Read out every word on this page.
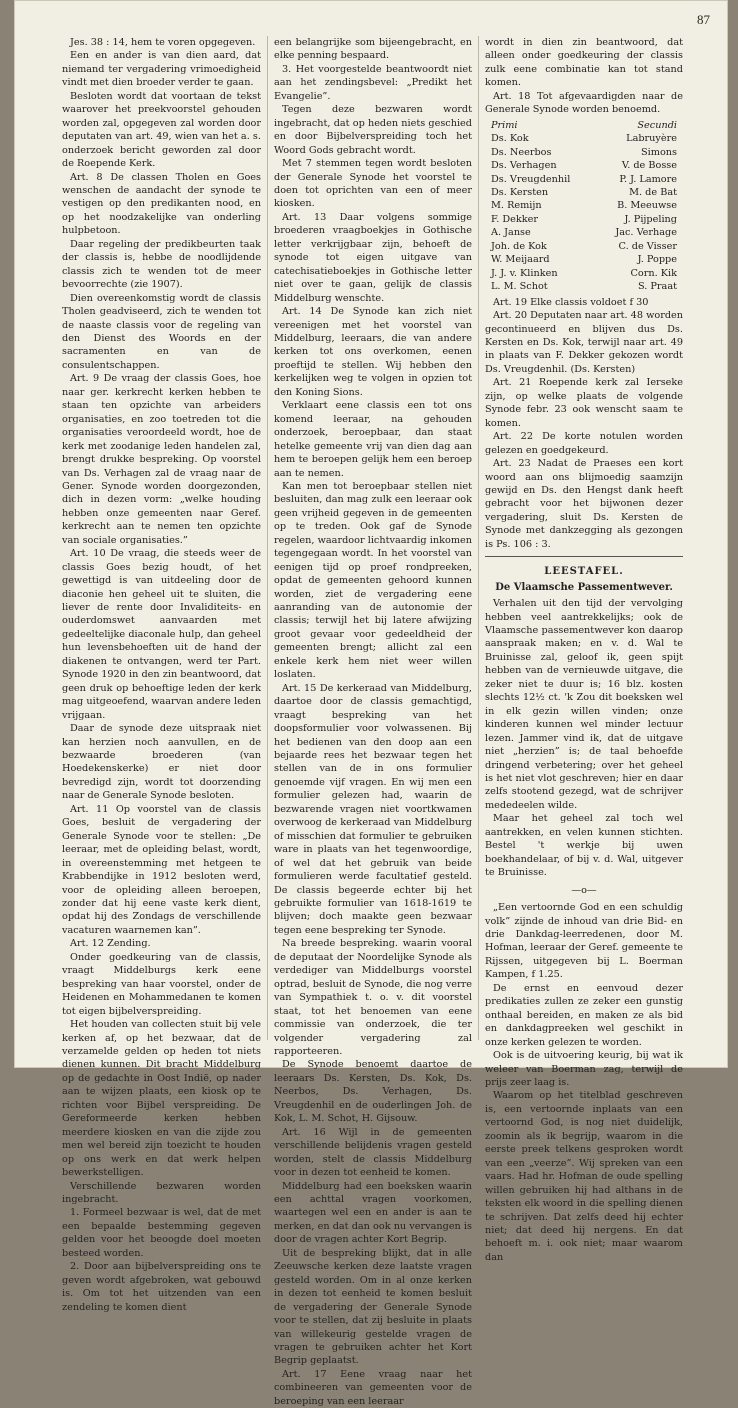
87

Jes. 38 : 14, hem te voren opgegeven.

Een en ander is van dien aard, dat niemand ter vergadering vrimoedigheid vindt met dien broeder verder te gaan.

Besloten wordt dat voortaan de tekst waarover het preekvoorstel gehouden worden zal, opgegeven zal worden door deputaten van art. 49, wien van het a. s. onderzoek bericht geworden zal door de Roepende Kerk.

Art. 8 De classen Tholen en Goes wenschen de aandacht der synode te vestigen op den predikanten nood, en op het noodzakelijke van onderling hulpbetoon.

Daar regeling der predikbeurten taak der classis is, hebbe de noodlijdende classis zich te wenden tot de meer bevoorrechte (zie 1907).

Dien overeenkomstig wordt de classis Tholen geadviseerd, zich te wenden tot de naaste classis voor de regeling van den Dienst des Woords en der sacramenten en van de consulentschappen.

Art. 9 De vraag der classis Goes, hoe naar ger. kerkrecht kerken hebben te staan ten opzichte van arbeiders organisaties, en zoo toetreden tot die organisaties veroordeeld wordt, hoe de kerk met zoodanige leden handelen zal, brengt drukke bespreking. Op voorstel van Ds. Verhagen zal de vraag naar de Gener. Synode worden doorgezonden, dich in dezen vorm: „welke houding hebben onze gemeenten naar Geref. kerkrecht aan te nemen ten opzichte van sociale organisaties.”

Art. 10 De vraag, die steeds weer de classis Goes bezig houdt, of het gewettigd is van uitdeeling door de diaconie hen geheel uit te sluiten, die liever de rente door Invaliditeits- en ouderdomswet aanvaarden met gedeeltelijke diaconale hulp, dan geheel hun levensbehoeften uit de hand der diakenen te ontvangen, werd ter Part. Synode 1920 in den zin beantwoord, dat geen druk op behoeftige leden der kerk mag uitgeoefend, waarvan andere leden vrijgaan.

Daar de synode deze uitspraak niet kan herzien noch aanvullen, en de bezwaarde broederen (van Hoedekenskerke) er niet door bevredigd zijn, wordt tot doorzending naar de Generale Synode besloten.

Art. 11 Op voorstel van de classis Goes, besluit de vergadering der Generale Synode voor te stellen: „De leeraar, met de opleiding belast, wordt, in overeenstemming met hetgeen te Krabbendijke in 1912 besloten werd, voor de opleiding alleen beroepen, zonder dat hij eene vaste kerk dient, opdat hij des Zondags de verschillende vacaturen waarnemen kan”.

Art. 12 Zending.

Onder goedkeuring van de classis, vraagt Middelburgs kerk eene bespreking van haar voorstel, onder de Heidenen en Mohammedanen te komen tot eigen bijbelverspreiding.

Het houden van collecten stuit bij vele kerken af, op het bezwaar, dat de verzamelde gelden op heden tot niets dienen kunnen. Dit bracht Middelburg op de gedachte in Oost Indië, op nader aan te wijzen plaats, een kiosk op te richten voor Bijbel verspreiding. De Gereformeerde kerken hebben meerdere kiosken en van die zijde zou men wel bereid zijn toezicht te houden op ons werk en dat werk helpen bewerkstelligen.

Verschillende bezwaren worden ingebracht.

1. Formeel bezwaar is wel, dat de met een bepaalde bestemming gegeven gelden voor het beoogde doel moeten besteed worden.

2. Door aan bijbelverspreiding ons te geven wordt afgebroken, wat gebouwd is. Om tot het uitzenden van een zendeling te komen dient

een belangrijke som bijeengebracht, en elke penning bespaard.

3. Het voorgestelde beantwoordt niet aan het zendingsbevel: „Predikt het Evangelie”.

Tegen deze bezwaren wordt ingebracht, dat op heden niets geschied en door Bijbelverspreiding toch het Woord Gods gebracht wordt.

Met 7 stemmen tegen wordt besloten der Generale Synode het voorstel te doen tot oprichten van een of meer kiosken.

Art. 13 Daar volgens sommige broederen vraagboekjes in Gothische letter verkrijgbaar zijn, behoeft de synode tot eigen uitgave van catechisatieboekjes in Gothische letter niet over te gaan, gelijk de classis Middelburg wenschte.

Art. 14 De Synode kan zich niet vereenigen met het voorstel van Middelburg, leeraars, die van andere kerken tot ons overkomen, eenen proeftijd te stellen. Wij hebben den kerkelijken weg te volgen in opzien tot den Koning Sions.

Verklaart eene classis een tot ons komend leeraar, na gehouden onderzoek, beroepbaar, dan staat hetelke gemeente vrij van dien dag aan hem te beroepen gelijk hem een beroep aan te nemen.

Kan men tot beroepbaar stellen niet besluiten, dan mag zulk een leeraar ook geen vrijheid gegeven in de gemeenten op te treden. Ook gaf de Synode regelen, waardoor lichtvaardig inkomen tegengegaan wordt. In het voorstel van eenigen tijd op proef rondpreeken, opdat de gemeenten gehoord kunnen worden, ziet de vergadering eene aanranding van de autonomie der classis; terwijl het bij latere afwijzing groot gevaar voor gedeeldheid der gemeenten brengt; allicht zal een enkele kerk hem niet weer willen loslaten.

Art. 15 De kerkeraad van Middelburg, daartoe door de classis gemachtigd, vraagt bespreking van het doopsformulier voor volwassenen. Bij het bedienen van den doop aan een bejaarde rees het bezwaar tegen het stellen van de in ons formulier genoemde vijf vragen. En wij men een formulier gelezen had, waarin de bezwarende vragen niet voortkwamen overwoog de kerkeraad van Middelburg of misschien dat formulier te gebruiken ware in plaats van het tegenwoordige, of wel dat het gebruik van beide formulieren werde facultatief gesteld. De classis begeerde echter bij het gebruikte formulier van 1618-1619 te blijven; doch maakte geen bezwaar tegen eene bespreking ter Synode.

Na breede bespreking. waarin vooral de deputaat der Noordelijke Synode als verdediger van Middelburgs voorstel optrad, besluit de Synode, die nog verre van Sympathiek t. o. v. dit voorstel staat, tot het benoemen van eene commissie van onderzoek, die ter volgender vergadering zal rapporteeren.

De Synode benoemt daartoe de leeraars Ds. Kersten, Ds. Kok, Ds. Neerbos, Ds. Verhagen, Ds. Vreugdenhil en de ouderlingen Joh. de Kok, L. M. Schot, H. Gijsouw.

Art. 16 Wijl in de gemeenten verschillende belijdenis vragen gesteld worden, stelt de classis Middelburg voor in dezen tot eenheid te komen.

Middelburg had een boeksken waarin een achttal vragen voorkomen, waartegen wel een en ander is aan te merken, en dat dan ook nu vervangen is door de vragen achter Kort Begrip.

Uit de bespreking blijkt, dat in alle Zeeuwsche kerken deze laatste vragen gesteld worden. Om in al onze kerken in dezen tot eenheid te komen besluit de vergadering der Generale Synode voor te stellen, dat zij besluite in plaats van willekeurig gestelde vragen de vragen te gebruiken achter het Kort Begrip geplaatst.

Art. 17 Eene vraag naar het combineeren van gemeenten voor de beroeping van een leeraar

wordt in dien zin beantwoord, dat alleen onder goedkeuring der classis zulk eene combinatie kan tot stand komen.

Art. 18 Tot afgevaardigden naar de Generale Synode worden benoemd.

Primi	Secundi
Ds. Kok	Labruyère
Ds. Neerbos	Simons
Ds. Verhagen	V. de Bosse
Ds. Vreugdenhil	P. J. Lamore
Ds. Kersten	M. de Bat
M. Remijn	B. Meeuwse
F. Dekker	J. Pijpeling
A. Janse	Jac. Verhage
Joh. de Kok	C. de Visser
W. Meijaard	J. Poppe
J. J. v. Klinken	Corn. Kik
L. M. Schot	S. Praat

Art. 19 Elke classis voldoet f 30

Art. 20 Deputaten naar art. 48 worden gecontinueerd en blijven dus Ds. Kersten en Ds. Kok, terwijl naar art. 49 in plaats van F. Dekker gekozen wordt Ds. Vreugdenhil. (Ds. Kersten)

Art. 21 Roepende kerk zal Ierseke zijn, op welke plaats de volgende Synode febr. 23 ook wenscht saam te komen.

Art. 22 De korte notulen worden gelezen en goedgekeurd.

Art. 23 Nadat de Praeses een kort woord aan ons blijmoedig saamzijn gewijd en Ds. den Hengst dank heeft gebracht voor het bijwonen dezer vergadering, sluit Ds. Kersten de Synode met dankzegging als gezongen is Ps. 106 : 3.

LEESTAFEL.
De Vlaamsche Passementwever.

Verhalen uit den tijd der vervolging hebben veel aantrekkelijks; ook de Vlaamsche passementwever kon daarop aanspraak maken; en v. d. Wal te Bruinisse zal, geloof ik, geen spijt hebben van de vernieuwde uitgave, die zeker niet te duur is; 16 blz. kosten slechts 12½ ct. 'k Zou dit boeksken wel in elk gezin willen vinden; onze kinderen kunnen wel minder lectuur lezen. Jammer vind ik, dat de uitgave niet „herzien” is; de taal behoefde dringend verbetering; over het geheel is het niet vlot geschreven; hier en daar zelfs stootend gezegd, wat de schrijver mededeelen wilde.

Maar het geheel zal toch wel aantrekken, en velen kunnen stichten. Bestel 't werkje bij uwen boekhandelaar, of bij v. d. Wal, uitgever te Bruinisse.

—o—

„Een vertoornde God en een schuldig volk” zijnde de inhoud van drie Bid- en drie Dankdag-leerredenen, door M. Hofman, leeraar der Geref. gemeente te Rijssen, uitgegeven bij L. Boerman Kampen, f 1.25.

De ernst en eenvoud dezer predikaties zullen ze zeker een gunstig onthaal bereiden, en maken ze als bid en dankdagpreeken wel geschikt in onze kerken gelezen te worden.

Ook is de uitvoering keurig, bij wat ik weleer van Boerman zag, terwijl de prijs zeer laag is.

Waarom op het titelblad geschreven is, een vertoornde inplaats van een vertoornd God, is nog niet duidelijk, zoomin als ik begrijp, waarom in die eerste preek telkens gesproken wordt van een „veerze”. Wij spreken van een vaars. Had hr. Hofman de oude spelling willen gebruiken hij had althans in de teksten elk woord in die spelling dienen te schrijven. Dat zelfs deed hij echter niet; dat deed hij nergens. En dat behoeft m. i. ook niet; maar waarom dan
